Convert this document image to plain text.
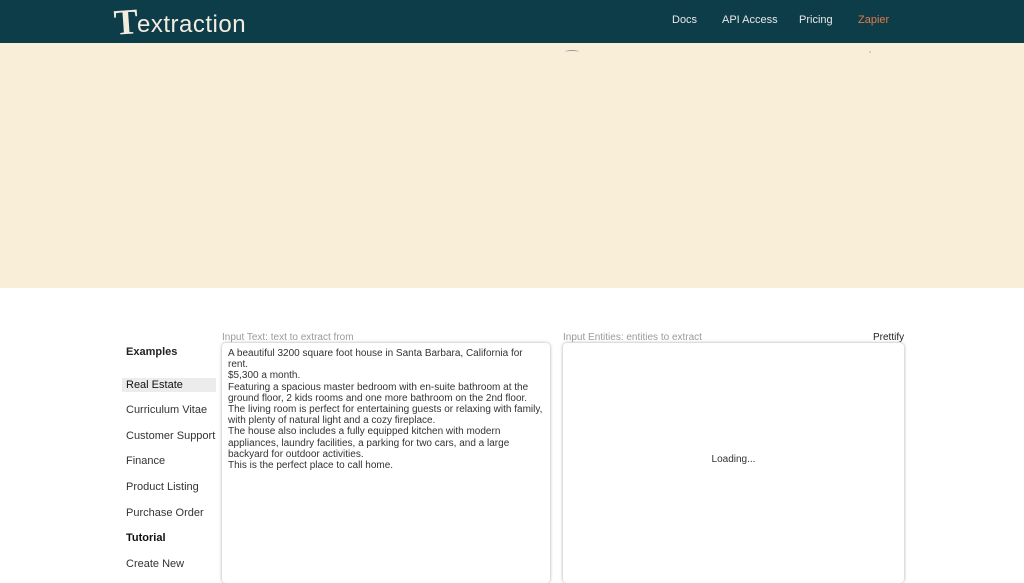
T
extraction	Docs API Access Pricing Zapier
Examples
Real Estate
Curriculum Vitae
Customer Support
Finance
Product Listing
Purchase Order
Tutorial
Create New
Input Text: text to extract from	Input Entities: entities to extract	Prettify

A beautiful 3200 square foot house in Santa Barbara, California for rent.

$5,300 a month.

Featuring a spacious master bedroom with en-suite bathroom at the ground floor, 2 kids rooms and one more bathroom on the 2nd floor.

The living room is perfect for entertaining guests or relaxing with family, with plenty of natural light and a cozy fireplace.

The house also includes a fully equipped kitchen with modern appliances, laundry facilities, a parking for two cars, and a large backyard for outdoor activities.

This is the perfect place to call home.

Loading...
